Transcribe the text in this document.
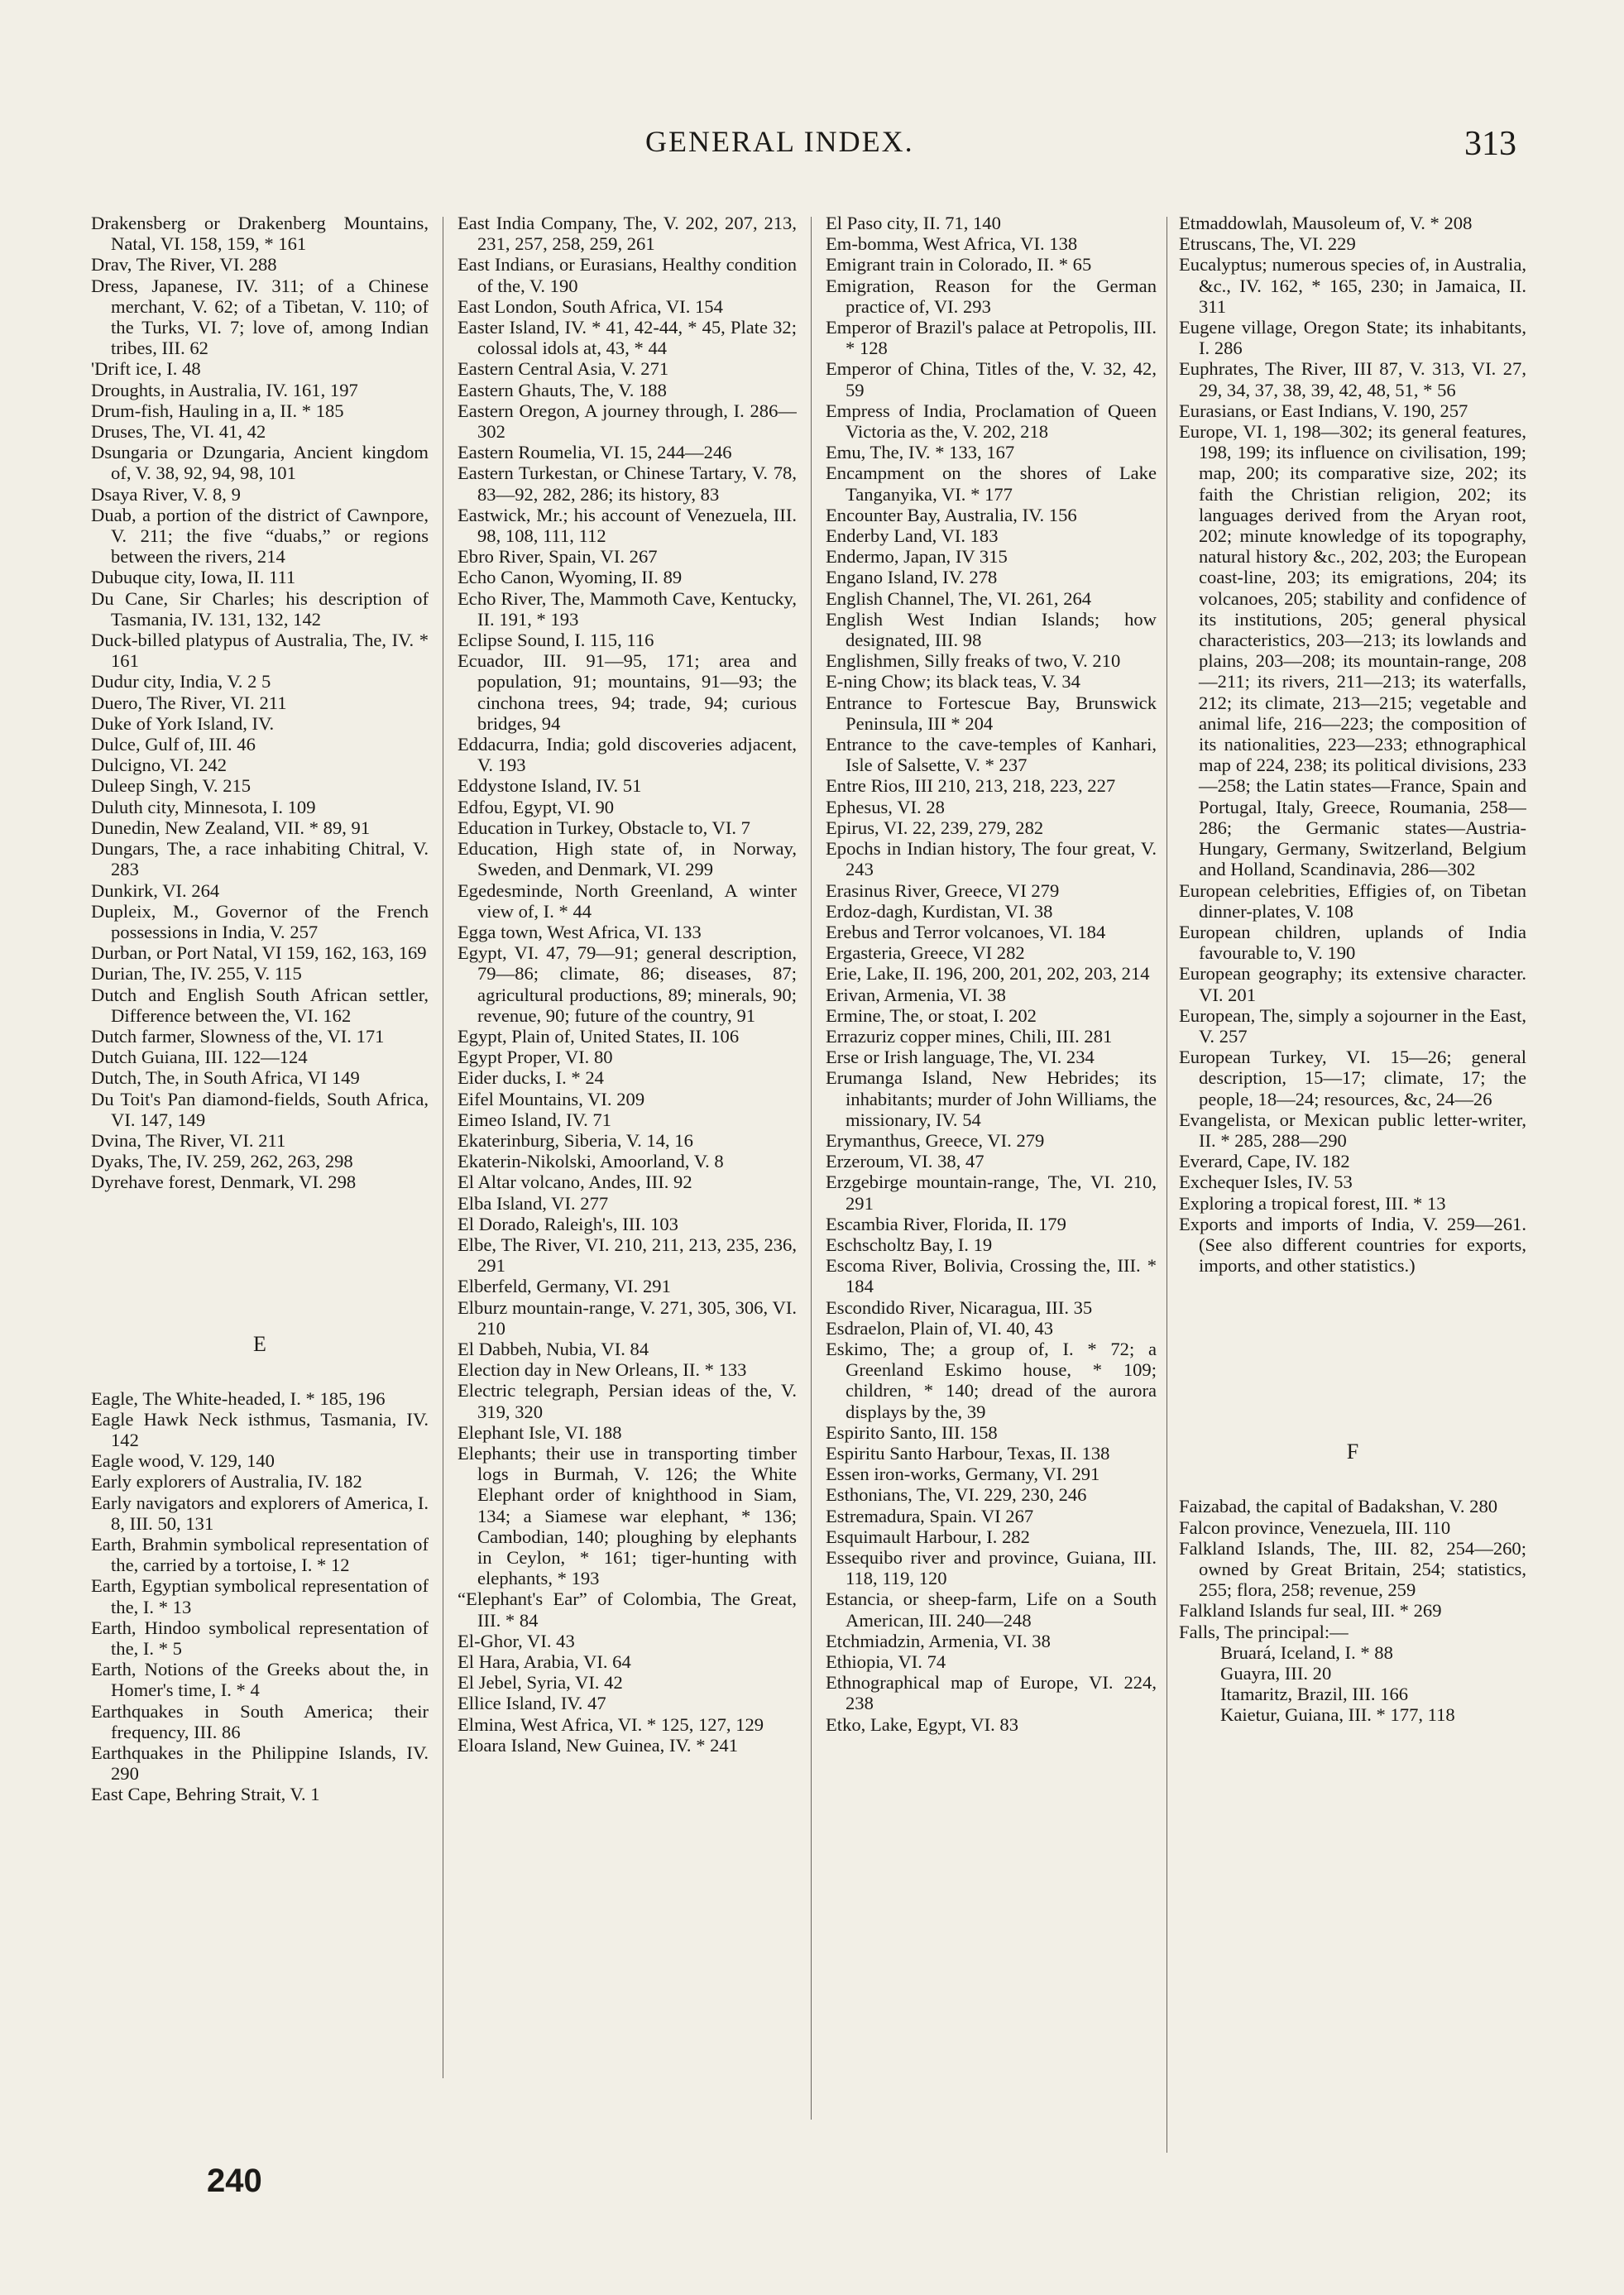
GENERAL INDEX.	313
Drakensberg or Drakenberg Mountains, Natal, VI. 158, 159, * 161
Drav, The River, VI. 288
Dress, Japanese, IV. 311; of a Chinese merchant, V. 62; of a Tibetan, V. 110; of the Turks, VI. 7; love of, among Indian tribes, III. 62
'Drift ice, I. 48
Droughts, in Australia, IV. 161, 197
Drum-fish, Hauling in a, II. * 185
Druses, The, VI. 41, 42
Dsungaria or Dzungaria, Ancient kingdom of, V. 38, 92, 94, 98, 101
Dsaya River, V. 8, 9
Duab, a portion of the district of Cawnpore, V. 211; the five “duabs,” or regions between the rivers, 214
Dubuque city, Iowa, II. 111
Du Cane, Sir Charles; his description of Tasmania, IV. 131, 132, 142
Duck-billed platypus of Australia, The, IV. * 161
Dudur city, India, V. 2 5
Duero, The River, VI. 211
Duke of York Island, IV.
Dulce, Gulf of, III. 46
Dulcigno, VI. 242
Duleep Singh, V. 215
Duluth city, Minnesota, I. 109
Dunedin, New Zealand, VII. * 89, 91
Dungars, The, a race inhabiting Chitral, V. 283
Dunkirk, VI. 264
Dupleix, M., Governor of the French possessions in India, V. 257
Durban, or Port Natal, VI 159, 162, 163, 169
Durian, The, IV. 255, V. 115
Dutch and English South African settler, Difference between the, VI. 162
Dutch farmer, Slowness of the, VI. 171
Dutch Guiana, III. 122—124
Dutch, The, in South Africa, VI 149
Du Toit's Pan diamond-fields, South Africa, VI. 147, 149
Dvina, The River, VI. 211
Dyaks, The, IV. 259, 262, 263, 298
Dyrehave forest, Denmark, VI. 298
E
Eagle, The White-headed, I. * 185, 196
Eagle Hawk Neck isthmus, Tasmania, IV. 142
Eagle wood, V. 129, 140
Early explorers of Australia, IV. 182
Early navigators and explorers of America, I. 8, III. 50, 131
Earth, Brahmin symbolical representation of the, carried by a tortoise, I. * 12
Earth, Egyptian symbolical representation of the, I. * 13
Earth, Hindoo symbolical representation of the, I. * 5
Earth, Notions of the Greeks about the, in Homer's time, I. * 4
Earthquakes in South America; their frequency, III. 86
Earthquakes in the Philippine Islands, IV. 290
East Cape, Behring Strait, V. 1
East India Company, The, V. 202, 207, 213, 231, 257, 258, 259, 261
East Indians, or Eurasians, Healthy condition of the, V. 190
East London, South Africa, VI. 154
Easter Island, IV. * 41, 42-44, * 45, Plate 32; colossal idols at, 43, * 44
Eastern Central Asia, V. 271
Eastern Ghauts, The, V. 188
Eastern Oregon, A journey through, I. 286—302
Eastern Roumelia, VI. 15, 244—246
Eastern Turkestan, or Chinese Tartary, V. 78, 83—92, 282, 286; its history, 83
Eastwick, Mr.; his account of Venezuela, III. 98, 108, 111, 112
Ebro River, Spain, VI. 267
Echo Canon, Wyoming, II. 89
Echo River, The, Mammoth Cave, Kentucky, II. 191, * 193
Eclipse Sound, I. 115, 116
Ecuador, III. 91—95, 171; area and population, 91; mountains, 91—93; the cinchona trees, 94; trade, 94; curious bridges, 94
Eddacurra, India; gold discoveries adjacent, V. 193
Eddystone Island, IV. 51
Edfou, Egypt, VI. 90
Education in Turkey, Obstacle to, VI. 7
Education, High state of, in Norway, Sweden, and Denmark, VI. 299
Egedesminde, North Greenland, A winter view of, I. * 44
Egga town, West Africa, VI. 133
Egypt, VI. 47, 79—91; general description, 79—86; climate, 86; diseases, 87; agricultural productions, 89; minerals, 90; revenue, 90; future of the country, 91
Egypt, Plain of, United States, II. 106
Egypt Proper, VI. 80
Eider ducks, I. * 24
Eifel Mountains, VI. 209
Eimeo Island, IV. 71
Ekaterinburg, Siberia, V. 14, 16
Ekaterin-Nikolski, Amoorland, V. 8
El Altar volcano, Andes, III. 92
Elba Island, VI. 277
El Dorado, Raleigh's, III. 103
Elbe, The River, VI. 210, 211, 213, 235, 236, 291
Elberfeld, Germany, VI. 291
Elburz mountain-range, V. 271, 305, 306, VI. 210
El Dabbeh, Nubia, VI. 84
Election day in New Orleans, II. * 133
Electric telegraph, Persian ideas of the, V. 319, 320
Elephant Isle, VI. 188
Elephants; their use in transporting timber logs in Burmah, V. 126; the White Elephant order of knighthood in Siam, 134; a Siamese war elephant, * 136; Cambodian, 140; ploughing by elephants in Ceylon, * 161; tiger-hunting with elephants, * 193
“Elephant's Ear” of Colombia, The Great, III. * 84
El-Ghor, VI. 43
El Hara, Arabia, VI. 64
El Jebel, Syria, VI. 42
Ellice Island, IV. 47
Elmina, West Africa, VI. * 125, 127, 129
Eloara Island, New Guinea, IV. * 241
El Paso city, II. 71, 140
Em-bomma, West Africa, VI. 138
Emigrant train in Colorado, II. * 65
Emigration, Reason for the German practice of, VI. 293
Emperor of Brazil's palace at Petropolis, III. * 128
Emperor of China, Titles of the, V. 32, 42, 59
Empress of India, Proclamation of Queen Victoria as the, V. 202, 218
Emu, The, IV. * 133, 167
Encampment on the shores of Lake Tanganyika, VI. * 177
Encounter Bay, Australia, IV. 156
Enderby Land, VI. 183
Endermo, Japan, IV 315
Engano Island, IV. 278
English Channel, The, VI. 261, 264
English West Indian Islands; how designated, III. 98
Englishmen, Silly freaks of two, V. 210
E-ning Chow; its black teas, V. 34
Entrance to Fortescue Bay, Brunswick Peninsula, III * 204
Entrance to the cave-temples of Kanhari, Isle of Salsette, V. * 237
Entre Rios, III 210, 213, 218, 223, 227
Ephesus, VI. 28
Epirus, VI. 22, 239, 279, 282
Epochs in Indian history, The four great, V. 243
Erasinus River, Greece, VI 279
Erdoz-dagh, Kurdistan, VI. 38
Erebus and Terror volcanoes, VI. 184
Ergasteria, Greece, VI 282
Erie, Lake, II. 196, 200, 201, 202, 203, 214
Erivan, Armenia, VI. 38
Ermine, The, or stoat, I. 202
Errazuriz copper mines, Chili, III. 281
Erse or Irish language, The, VI. 234
Erumanga Island, New Hebrides; its inhabitants; murder of John Williams, the missionary, IV. 54
Erymanthus, Greece, VI. 279
Erzeroum, VI. 38, 47
Erzgebirge mountain-range, The, VI. 210, 291
Escambia River, Florida, II. 179
Eschscholtz Bay, I. 19
Escoma River, Bolivia, Crossing the, III. * 184
Escondido River, Nicaragua, III. 35
Esdraelon, Plain of, VI. 40, 43
Eskimo, The; a group of, I. * 72; a Greenland Eskimo house, * 109; children, * 140; dread of the aurora displays by the, 39
Espirito Santo, III. 158
Espiritu Santo Harbour, Texas, II. 138
Essen iron-works, Germany, VI. 291
Esthonians, The, VI. 229, 230, 246
Estremadura, Spain. VI 267
Esquimault Harbour, I. 282
Essequibo river and province, Guiana, III. 118, 119, 120
Estancia, or sheep-farm, Life on a South American, III. 240—248
Etchmiadzin, Armenia, VI. 38
Ethiopia, VI. 74
Ethnographical map of Europe, VI. 224, 238
Etko, Lake, Egypt, VI. 83
Etmaddowlah, Mausoleum of, V. * 208
Etruscans, The, VI. 229
Eucalyptus; numerous species of, in Australia, &c., IV. 162, * 165, 230; in Jamaica, II. 311
Eugene village, Oregon State; its inhabitants, I. 286
Euphrates, The River, III 87, V. 313, VI. 27, 29, 34, 37, 38, 39, 42, 48, 51, * 56
Eurasians, or East Indians, V. 190, 257
Europe, VI. 1, 198—302; its general features, 198, 199; its influence on civilisation, 199; map, 200; its comparative size, 202; its faith the Christian religion, 202; its languages derived from the Aryan root, 202; minute knowledge of its topography, natural history &c., 202, 203; the European coast-line, 203; its emigrations, 204; its volcanoes, 205; stability and confidence of its institutions, 205; general physical characteristics, 203—213; its lowlands and plains, 203—208; its mountain-range, 208—211; its rivers, 211—213; its waterfalls, 212; its climate, 213—215; vegetable and animal life, 216—223; the composition of its nationalities, 223—233; ethnographical map of 224, 238; its political divisions, 233—258; the Latin states—France, Spain and Portugal, Italy, Greece, Roumania, 258—286; the Germanic states—Austria-Hungary, Germany, Switzerland, Belgium and Holland, Scandinavia, 286—302
European celebrities, Effigies of, on Tibetan dinner-plates, V. 108
European children, uplands of India favourable to, V. 190
European geography; its extensive character. VI. 201
European, The, simply a sojourner in the East, V. 257
European Turkey, VI. 15—26; general description, 15—17; climate, 17; the people, 18—24; resources, &c, 24—26
Evangelista, or Mexican public letter-writer, II. * 285, 288—290
Everard, Cape, IV. 182
Exchequer Isles, IV. 53
Exploring a tropical forest, III. * 13
Exports and imports of India, V. 259—261. (See also different countries for exports, imports, and other statistics.)
F
Faizabad, the capital of Badakshan, V. 280
Falcon province, Venezuela, III. 110
Falkland Islands, The, III. 82, 254—260; owned by Great Britain, 254; statistics, 255; flora, 258; revenue, 259
Falkland Islands fur seal, III. * 269
Falls, The principal:—
Bruará, Iceland, I. * 88
Guayra, III. 20
Itamaritz, Brazil, III. 166
Kaietur, Guiana, III. * 177, 118
240
